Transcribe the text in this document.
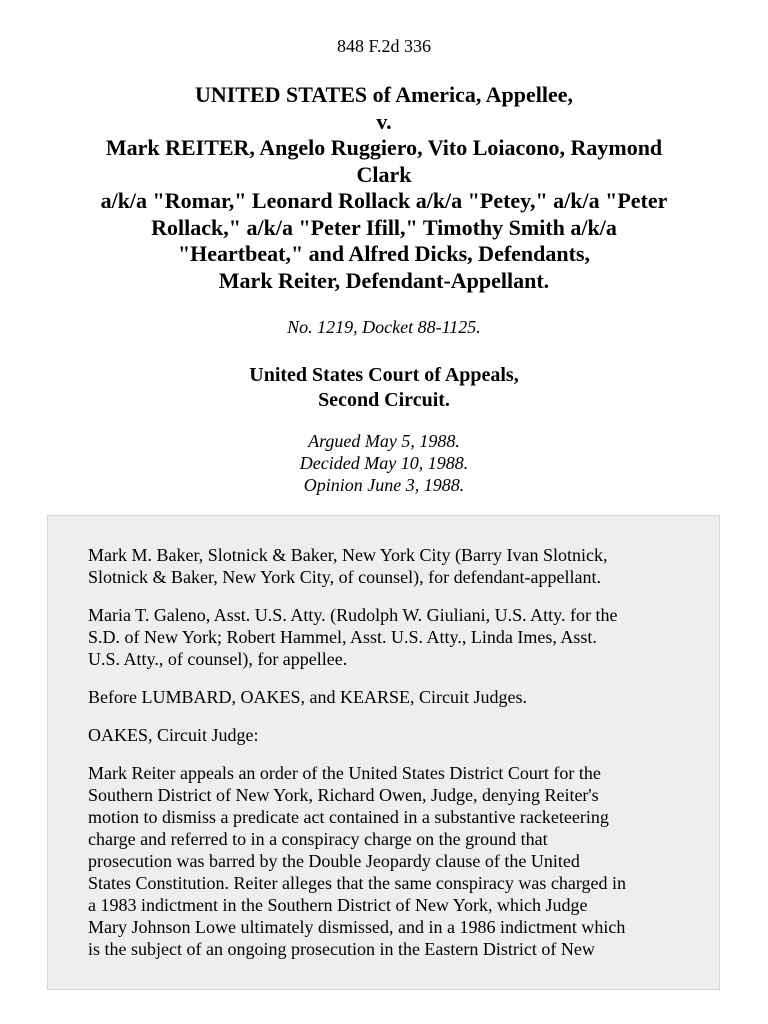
848 F.2d 336
UNITED STATES of America, Appellee,
v.
Mark REITER, Angelo Ruggiero, Vito Loiacono, Raymond
Clark
a/k/a "Romar," Leonard Rollack a/k/a "Petey," a/k/a "Peter
Rollack," a/k/a "Peter Ifill," Timothy Smith a/k/a
"Heartbeat," and Alfred Dicks, Defendants,
Mark Reiter, Defendant-Appellant.
No. 1219, Docket 88-1125.
United States Court of Appeals,
Second Circuit.
Argued May 5, 1988.
Decided May 10, 1988.
Opinion June 3, 1988.

Mark M. Baker, Slotnick & Baker, New York City (Barry Ivan Slotnick,
Slotnick & Baker, New York City, of counsel), for defendant-appellant.

Maria T. Galeno, Asst. U.S. Atty. (Rudolph W. Giuliani, U.S. Atty. for the
S.D. of New York; Robert Hammel, Asst. U.S. Atty., Linda Imes, Asst.
U.S. Atty., of counsel), for appellee.

Before LUMBARD, OAKES, and KEARSE, Circuit Judges.

OAKES, Circuit Judge:

Mark Reiter appeals an order of the United States District Court for the
Southern District of New York, Richard Owen, Judge, denying Reiter's
motion to dismiss a predicate act contained in a substantive racketeering
charge and referred to in a conspiracy charge on the ground that
prosecution was barred by the Double Jeopardy clause of the United
States Constitution. Reiter alleges that the same conspiracy was charged in
a 1983 indictment in the Southern District of New York, which Judge
Mary Johnson Lowe ultimately dismissed, and in a 1986 indictment which
is the subject of an ongoing prosecution in the Eastern District of New
